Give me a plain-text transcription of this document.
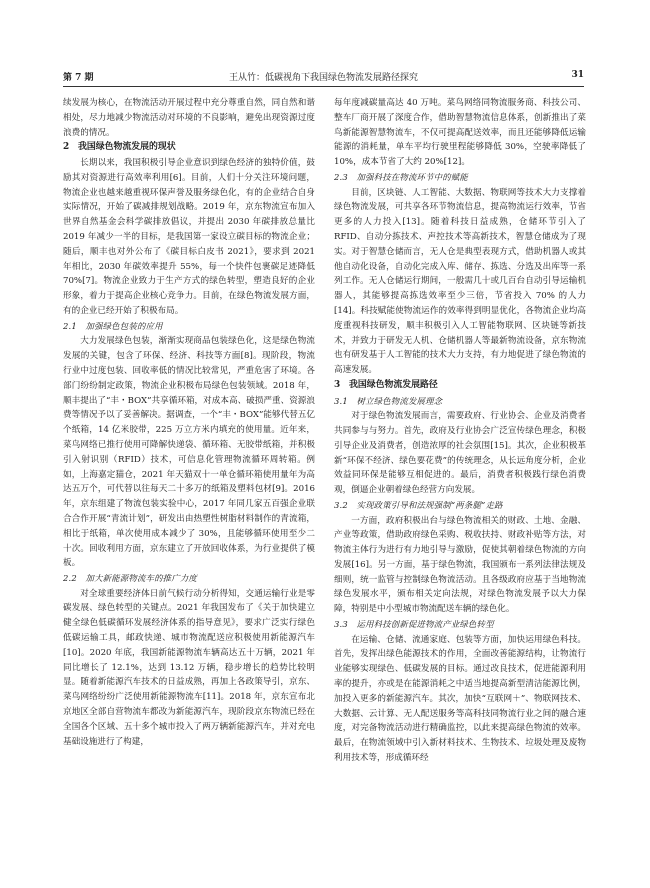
第 7 期	王从竹：低碳视角下我国绿色物流发展路径探究	31

续发展为核心，在物流活动开展过程中充分尊重自然，同自然和谐相处，尽力地减少物流活动对环境的不良影响，避免出现资源过度浪费的情况。

2　我国绿色物流发展的现状

长期以来，我国积极引导企业意识到绿色经济的独特价值，鼓励其对资源进行高效率利用[6]。目前，人们十分关注环境问题，物流企业也越来越重视环保声誉及服务绿色化，有的企业结合自身实际情况，开始了碳减排规划战略。2019 年，京东物流宣布加入世界自然基金会科学碳排放倡议，并提出 2030 年碳排放总量比 2019 年减少一半的目标，是我国第一家设立碳目标的物流企业；随后，顺丰也对外公布了《碳目标白皮书 2021》，要求到 2021 年相比，2030 年碳效率提升 55%，每一个快件包裹碳足迹降低 70%[7]。物流企业致力于生产方式的绿色转型，塑造良好的企业形象，着力于提高企业核心竞争力。目前，在绿色物流发展方面，有的企业已经开始了积极布局。

2.1　加强绿色包装的应用

大力发展绿色包装，渐渐实现商品包装绿色化，这是绿色物流发展的关键，包含了环保、经济、科技等方面[8]。现阶段，物流行业中过度包装、回收率低的情况比较常见，严重危害了环境。各部门纷纷制定政策，物流企业积极布局绿色包装领域。2018 年，顺丰提出了“丰・BOX”共享循环箱，对成本高、破损严重、资源浪费等情况予以了妥善解决。据调查，一个“丰・BOX”能够代替五亿个纸箱，14 亿米胶带，225 万立方米内填充的使用量。近年来，菜鸟网络已推行使用可降解快递袋、循环箱、无胶带纸箱，并积极引入射识别（RFID）技术，可信息化管理物流循环周转箱。例如，上海嘉定猫仓，2021 年天猫双十一单仓循环箱使用量年为高达五万个，可代替以往每天二十多万的纸箱及塑料包材[9]。2016 年，京东组建了物流包装实验中心，2017 年同几家五百强企业联合合作开展“青流计划”，研发出由热塑性树脂材料制作的青流箱，相比于纸箱，单次使用成本减少了 30%，且能够循环使用至少二十次。回收利用方面，京东建立了开放回收体系，为行业提供了模板。

2.2　加大新能源物流车的推广力度

对全球重要经济体日前气候行动分析得知，交通运输行业是零碳发展、绿色转型的关键点。2021 年我国发布了《关于加快建立健全绿色低碳循环发展经济体系的指导意见》，要求广泛实行绿色低碳运输工具，邮政快递、城市物流配送应积极使用新能源汽车[10]。2020 年底，我国新能源物流车辆高达五十万辆，2021 年同比增长了 12.1%，达到 13.12 万辆，稳步增长的趋势比较明显。随着新能源汽车技术的日益成熟，再加上各政策导引，京东、菜鸟网络纷纷广泛使用新能源物流车[11]。2018 年，京东宣布北京地区全部自营物流车都改为新能源汽车，现阶段京东物流已经在全国各个区域、五十多个城市投入了两万辆新能源汽车，并对充电基础设施进行了构建，

每年度减碳量高达 40 万吨。菜鸟网络同物流服务商、科技公司、整车厂商开展了深度合作，借助智慧物流信息体系，创新推出了菜鸟新能源智慧物流车，不仅可提高配送效率，而且还能够降低运输能源的消耗量，单车平均行驶里程能够降低 30%，空驶率降低了 10%，成本节省了大约 20%[12]。

2.3　加强科技在物流环节中的赋能

目前，区块链、人工智能、大数据、物联网等技术大力支撑着绿色物流发展，可共享各环节物流信息，提高物流运行效率，节省更多的人力投入[13]。随着科技日益成熟，仓储环节引入了 RFID、自动分拣技术、声控技术等高新技术，智慧仓储成为了现实。对于智慧仓储而言，无人仓是典型表现方式，借助机器人或其他自动化设备，自动化完成入库、储存、拣选、分选及出库等一系列工作。无人仓储运行期间，一般需几十或几百台自动引导运输机器人，其能够提高拣选效率至少三倍，节省投入 70% 的人力[14]。科技赋能使物流运作的效率得到明显优化，各物流企业均高度重视科技研发，顺丰积极引入人工智能物联网、区块链等新技术，并致力于研发无人机、仓储机器人等最新物流设备，京东物流也有研发基于人工智能的技术大力支持，有力地促进了绿色物流的高速发展。

3　我国绿色物流发展路径
3.1　树立绿色物流发展理念

对于绿色物流发展而言，需要政府、行业协会、企业及消费者共同参与与努力。首先，政府及行业协会广泛宣传绿色理念，积极引导企业及消费者，创造浓厚的社会氛围[15]。其次，企业积极革新“环保不经济、绿色要花费”的传统理念，从长远角度分析，企业效益同环保是能够互相促进的。最后，消费者积极践行绿色消费观，倒逼企业朝着绿色经营方向发展。

3.2　实现政策引导和法规强制“两条腿”走路

一方面，政府积极出台与绿色物流相关的财政、土地、金融、产业等政策，借助政府绿色采购、税收扶持、财政补贴等方法，对物流主体行为进行有力地引导与激励，促使其朝着绿色物流的方向发展[16]。另一方面，基于绿色物流，我国颁布一系列法律法规及细则，统一监管与控制绿色物流活动。且各级政府应基于当地物流绿色发展水平，颁布相关定向法规，对绿色物流发展予以大力保障，特别是中小型城市物流配送车辆的绿色化。

3.3　运用科技创新促进物流产业绿色转型

在运输、仓储、流通家庭、包装等方面，加快运用绿色科技。首先，发挥出绿色能源技术的作用，全面改善能源结构，让物流行业能够实现绿色、低碳发展的目标。通过改良技术，促进能源利用率的提升，亦或是在能源消耗之中适当地提高新型清洁能源比例，加投入更多的新能源汽车。其次，加快“互联网＋”、物联网技术、大数据、云计算、无人配送服务等高科技同物流行业之间的融合速度，对完备物流活动进行精确监控，以此来提高绿色物流的效率。最后，在物流领域中引入新材料技术、生物技术、垃圾处理及废物利用技术等，形成循环经
